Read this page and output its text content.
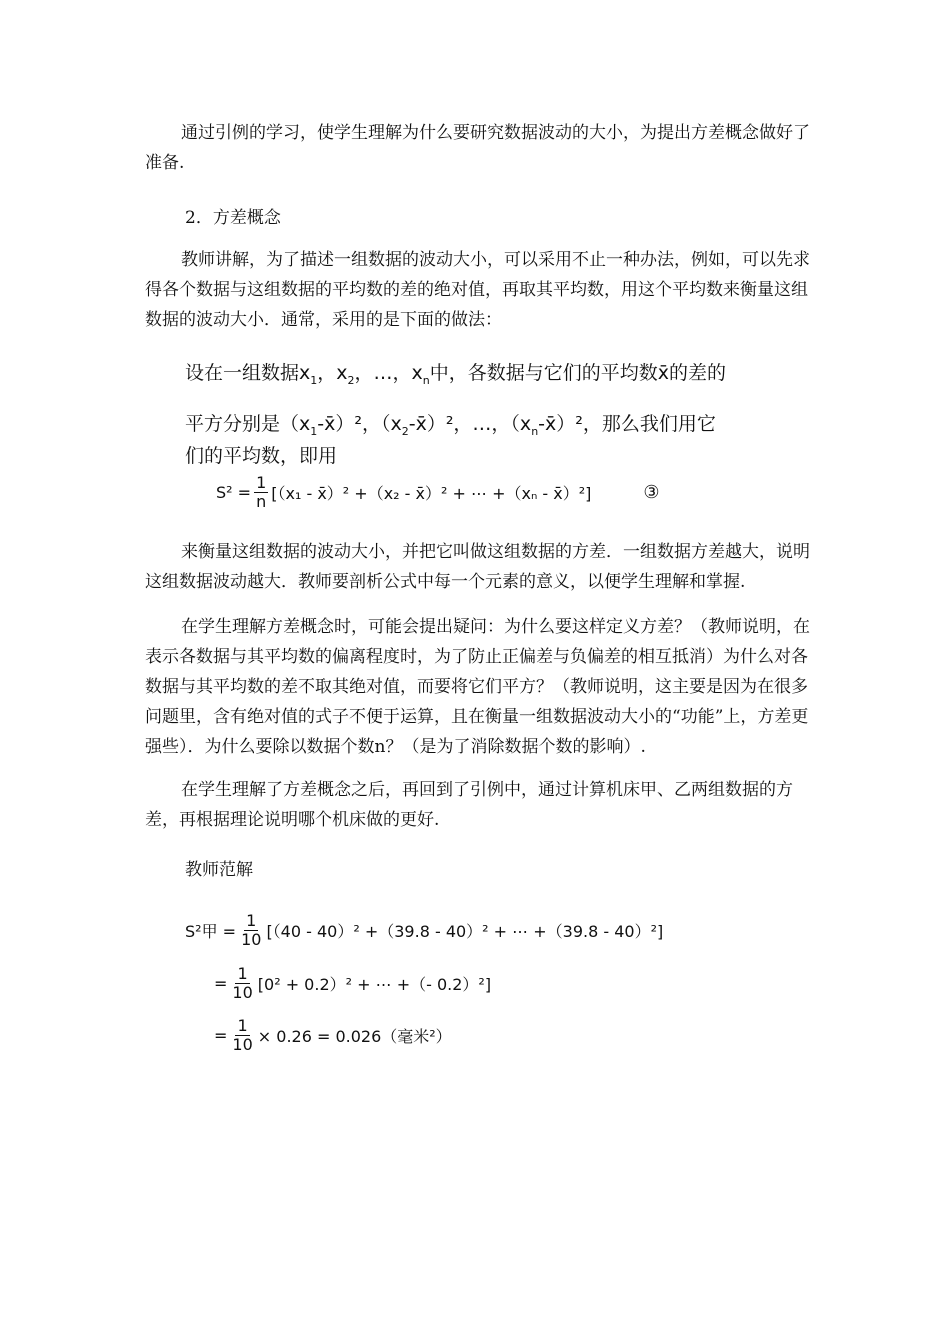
通过引例的学习，使学生理解为什么要研究数据波动的大小，为提出方差概念做好了准备.

2．方差概念

教师讲解，为了描述一组数据的波动大小，可以采用不止一种办法，例如，可以先求得各个数据与这组数据的平均数的差的绝对值，再取其平均数，用这个平均数来衡量这组数据的波动大小．通常，采用的是下面的做法：

设在一组数据$x_1$，$x_2$，…，$x_n$中，各数据与它们的平均数x̄的差的
平方分别是$(x_1-x̄)^2$，$(x_2-x̄)^2$，…，$(x_n-x̄)^2$，那么我们用它
们的平均数，即用
$S^2 = \frac{1}{n} [(x_1$ - x̄）² +（x₂ - x̄）² + ⋯ +（xₙ - x̄）²]	③

来衡量这组数据的波动大小，并把它叫做这组数据的方差．一组数据方差越大，说明这组数据波动越大．教师要剖析公式中每一个元素的意义，以便学生理解和掌握.

在学生理解方差概念时，可能会提出疑问：为什么要这样定义方差？（教师说明，在表示各数据与其平均数的偏离程度时，为了防止正偏差与负偏差的相互抵消）为什么对各数据与其平均数的差不取其绝对值，而要将它们平方？（教师说明，这主要是因为在很多问题里，含有绝对值的式子不便于运算，且在衡量一组数据波动大小的“功能”上，方差更强些）．为什么要除以数据个数n？（是为了消除数据个数的影响）.

在学生理解了方差概念之后，再回到了引例中，通过计算机床甲、乙两组数据的方差，再根据理论说明哪个机床做的更好.

教师范解

S²甲 = $\frac{1}{10} [(40 - 40)^2 +(39.8 - 40)^2$ + ⋯ +（39.8 - 40）²]
= $\frac{1}{10} [0^2 + 0.2)^2$ + ⋯ +（- 0.2）²]
= $\frac{1}{10} \times 0.26 = 0.026$（毫米²）
